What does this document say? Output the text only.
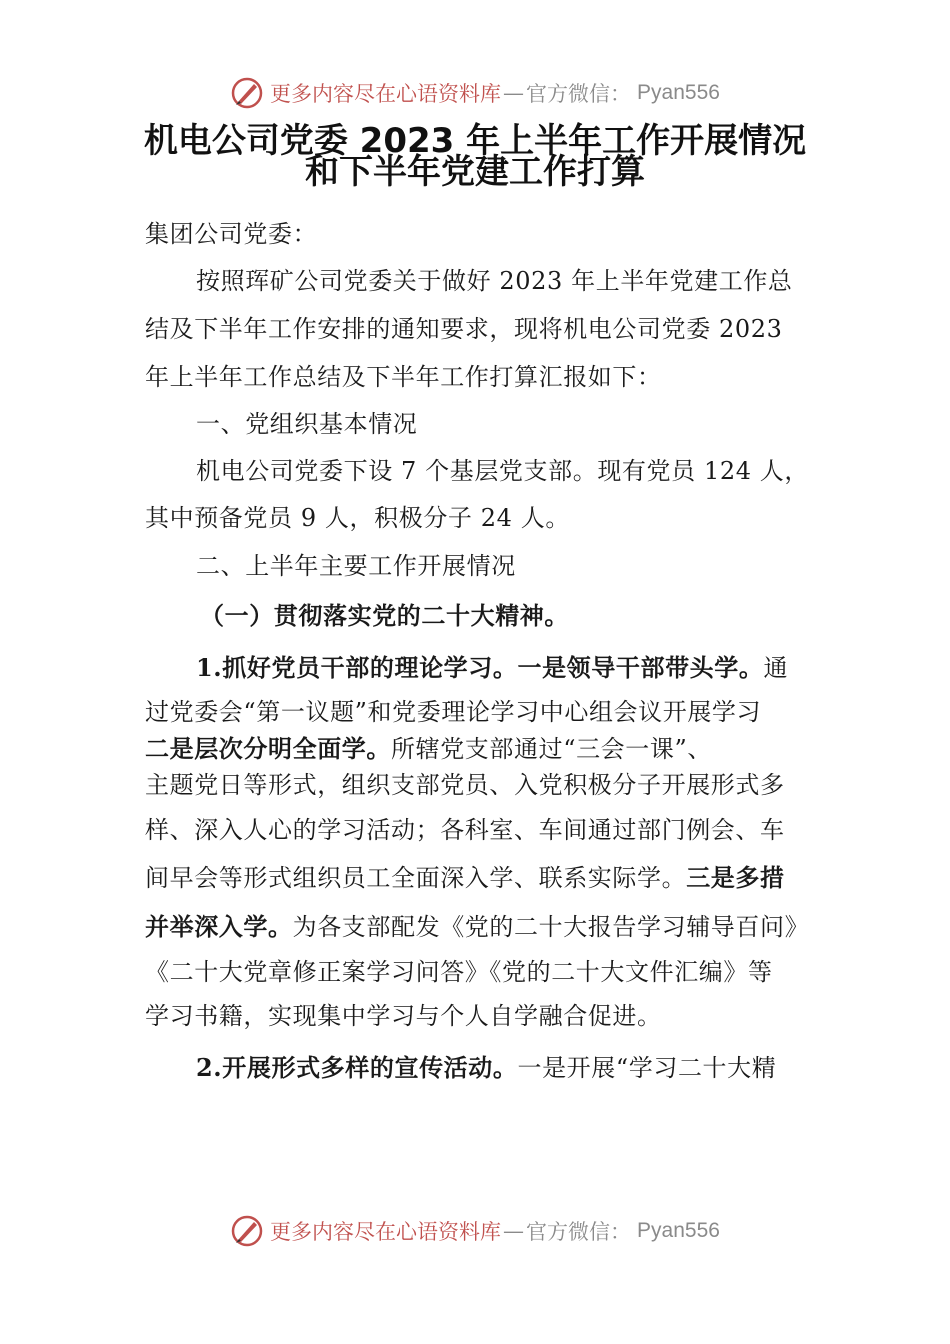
更多内容尽在心语资料库 — 官方微信： Pyan556
机电公司党委 2023 年上半年工作开展情况
和下半年党建工作打算
集团公司党委：
按照珲矿公司党委关于做好 2023 年上半年党建工作总
结及下半年工作安排的通知要求，现将机电公司党委 2023
年上半年工作总结及下半年工作打算汇报如下：
一、党组织基本情况
机电公司党委下设 7 个基层党支部。现有党员 124 人，
其中预备党员 9 人，积极分子 24 人。
二、上半年主要工作开展情况
（一）贯彻落实党的二十大精神。
1.抓好党员干部的理论学习。一是领导干部带头学。通
过党委会“第一议题”和党委理论学习中心组会议开展学习
二是层次分明全面学。所辖党支部通过“三会一课”、
主题党日等形式，组织支部党员、入党积极分子开展形式多
样、深入人心的学习活动；各科室、车间通过部门例会、车
间早会等形式组织员工全面深入学、联系实际学。三是多措
并举深入学。为各支部配发《党的二十大报告学习辅导百问》
《二十大党章修正案学习问答》《党的二十大文件汇编》等
学习书籍，实现集中学习与个人自学融合促进。
2.开展形式多样的宣传活动。一是开展“学习二十大精
更多内容尽在心语资料库 — 官方微信： Pyan556
